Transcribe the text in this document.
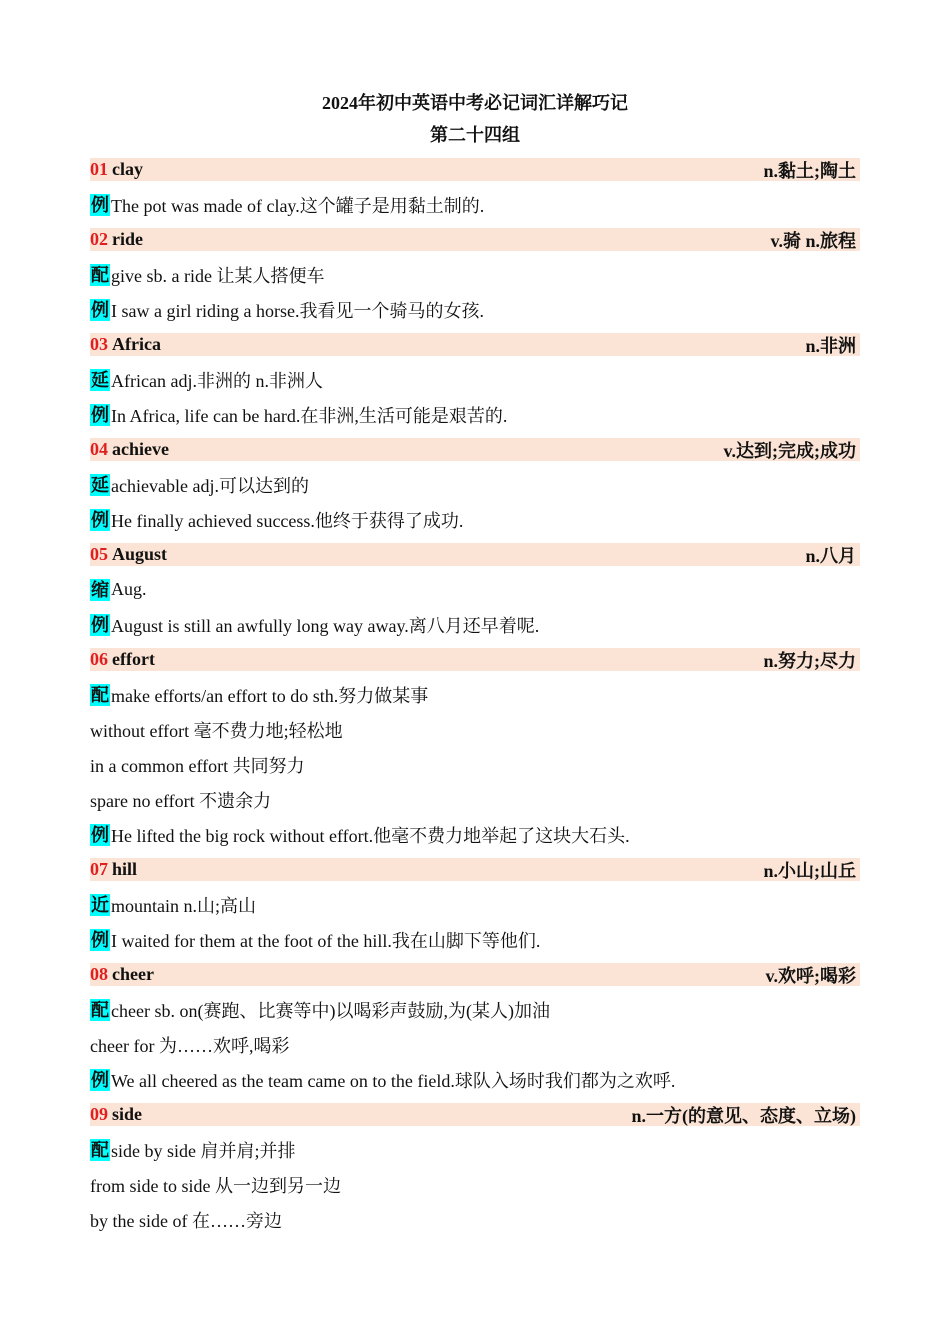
2024年初中英语中考必记词汇详解巧记
第二十四组
01 clay	n.黏土;陶土
例 The pot was made of clay.这个罐子是用黏土制的.
02 ride	v.骑 n.旅程
配 give sb. a ride 让某人搭便车
例 I saw a girl riding a horse.我看见一个骑马的女孩.
03 Africa	n.非洲
延 African adj.非洲的 n.非洲人
例 In Africa, life can be hard.在非洲,生活可能是艰苦的.
04 achieve	v.达到;完成;成功
延 achievable adj.可以达到的
例 He finally achieved success.他终于获得了成功.
05 August	n.八月
缩 Aug.
例 August is still an awfully long way away.离八月还早着呢.
06 effort	n.努力;尽力
配 make efforts/an effort to do sth.努力做某事
without effort 毫不费力地;轻松地
in a common effort 共同努力
spare no effort 不遗余力
例 He lifted the big rock without effort.他毫不费力地举起了这块大石头.
07 hill	n.小山;山丘
近 mountain n.山;高山
例 I waited for them at the foot of the hill.我在山脚下等他们.
08 cheer	v.欢呼;喝彩
配 cheer sb. on(赛跑、比赛等中)以喝彩声鼓励,为(某人)加油
cheer for 为……欢呼,喝彩
例 We all cheered as the team came on to the field.球队入场时我们都为之欢呼.
09 side	n.一方(的意见、态度、立场)
配 side by side 肩并肩;并排
from side to side 从一边到另一边
by the side of 在……旁边
